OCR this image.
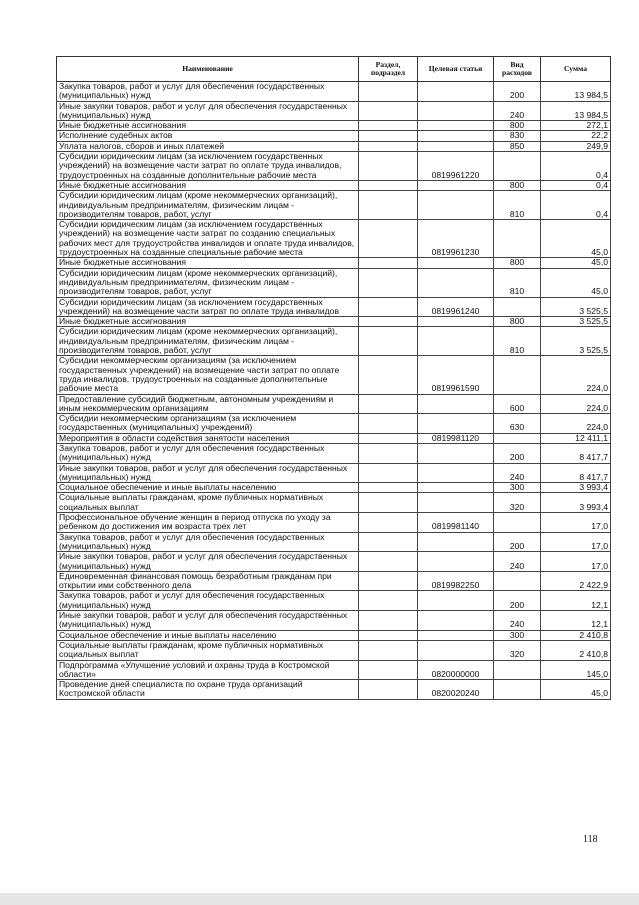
Наименование	Раздел, подраздел	Целевая статья	Вид расходов	Сумма
Закупка товаров, работ и услуг для обеспечения государственных (муниципальных) нужд			200	13 984,5
Иные закупки товаров, работ и услуг для обеспечения государственных (муниципальных) нужд			240	13 984,5
Иные бюджетные ассигнования			800	272,1
Исполнение судебных актов			830	22,2
Уплата налогов, сборов и иных платежей			850	249,9
Субсидии юридическим лицам (за исключением государственных учреждений) на возмещение части затрат по оплате труда инвалидов, трудоустроенных на созданные дополнительные рабочие места		0819961220		0,4
Иные бюджетные ассигнования			800	0,4
Субсидии юридическим лицам (кроме некоммерческих организаций), индивидуальным предпринимателям, физическим лицам - производителям товаров, работ, услуг			810	0,4
Субсидии юридическим лицам (за исключением государственных учреждений) на возмещение части затрат по созданию специальных рабочих мест для трудоустройства инвалидов и оплате труда инвалидов, трудоустроенных на созданные специальные рабочие места		0819961230		45,0
Иные бюджетные ассигнования			800	45,0
Субсидии юридическим лицам (кроме некоммерческих организаций), индивидуальным предпринимателям, физическим лицам - производителям товаров, работ, услуг			810	45,0
Субсидии юридическим лицам (за исключением государственных учреждений) на возмещение части затрат по оплате труда инвалидов		0819961240		3 525,5
Иные бюджетные ассигнования			800	3 525,5
Субсидии юридическим лицам (кроме некоммерческих организаций), индивидуальным предпринимателям, физическим лицам - производителям товаров, работ, услуг			810	3 525,5
Субсидии некоммерческим организациям (за исключением государственных учреждений) на возмещение части затрат по оплате труда инвалидов, трудоустроенных на созданные дополнительные рабочие места		0819961590		224,0
Предоставление субсидий бюджетным, автономным учреждениям и иным некоммерческим организациям			600	224,0
Субсидии некоммерческим организациям (за исключением государственных (муниципальных) учреждений)			630	224,0
Мероприятия в области содействия занятости населения		0819981120		12 411,1
Закупка товаров, работ и услуг для обеспечения государственных (муниципальных) нужд			200	8 417,7
Иные закупки товаров, работ и услуг для обеспечения государственных (муниципальных) нужд			240	8 417,7
Социальное обеспечение и иные выплаты населению			300	3 993,4
Социальные выплаты гражданам, кроме публичных нормативных социальных выплат			320	3 993,4
Профессиональное обучение женщин в период отпуска по уходу за ребенком до достижения им возраста трех лет		0819981140		17,0
Закупка товаров, работ и услуг для обеспечения государственных (муниципальных) нужд			200	17,0
Иные закупки товаров, работ и услуг для обеспечения государственных (муниципальных) нужд			240	17,0
Единовременная финансовая помощь безработным гражданам при открытии ими собственного дела		0819982250		2 422,9
Закупка товаров, работ и услуг для обеспечения государственных (муниципальных) нужд			200	12,1
Иные закупки товаров, работ и услуг для обеспечения государственных (муниципальных) нужд			240	12,1
Социальное обеспечение и иные выплаты населению			300	2 410,8
Социальные выплаты гражданам, кроме публичных нормативных социальных выплат			320	2 410,8
Подпрограмма «Улучшение условий и охраны труда в Костромской области»		0820000000		145,0
Проведение дней специалиста по охране труда организаций Костромской области		0820020240		45,0
118
